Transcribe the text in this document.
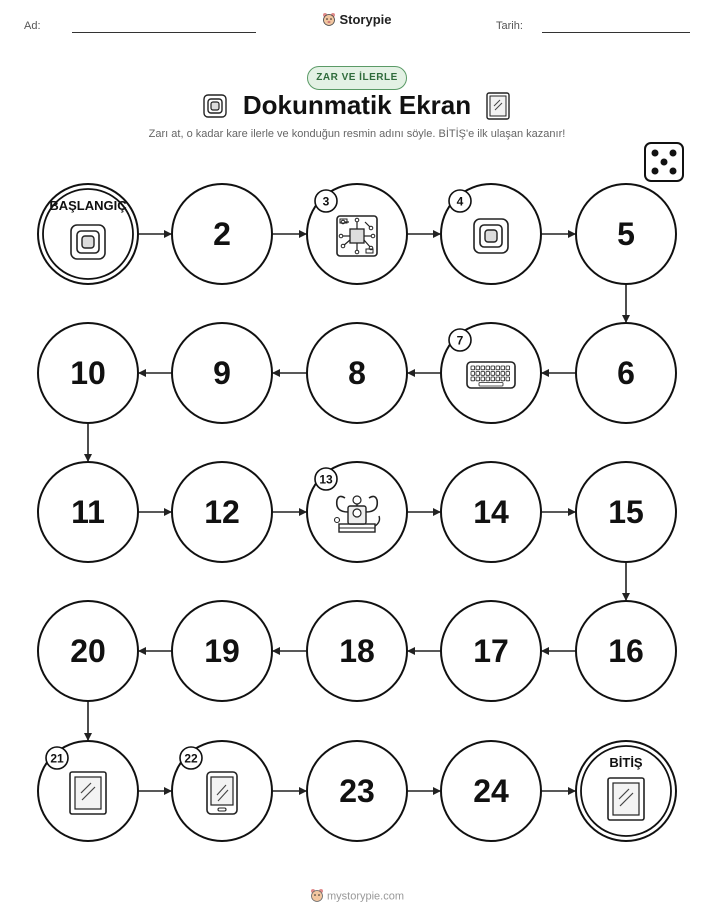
Ad:	Storypie	Tarih:
ZAR VE İLERLE
Dokunmatik Ekran
Zarı at, o kadar kare ilerle ve konduğun resmin adını söyle. BİTİŞ'e ilk ulaşan kazanır!
BAŞLANGIÇ
2
3	4
5
6
7
8
9
10
11	12
13
14	15
16
17
18
19
20
21	22
23	24
BİTİŞ
mystorypie.com
